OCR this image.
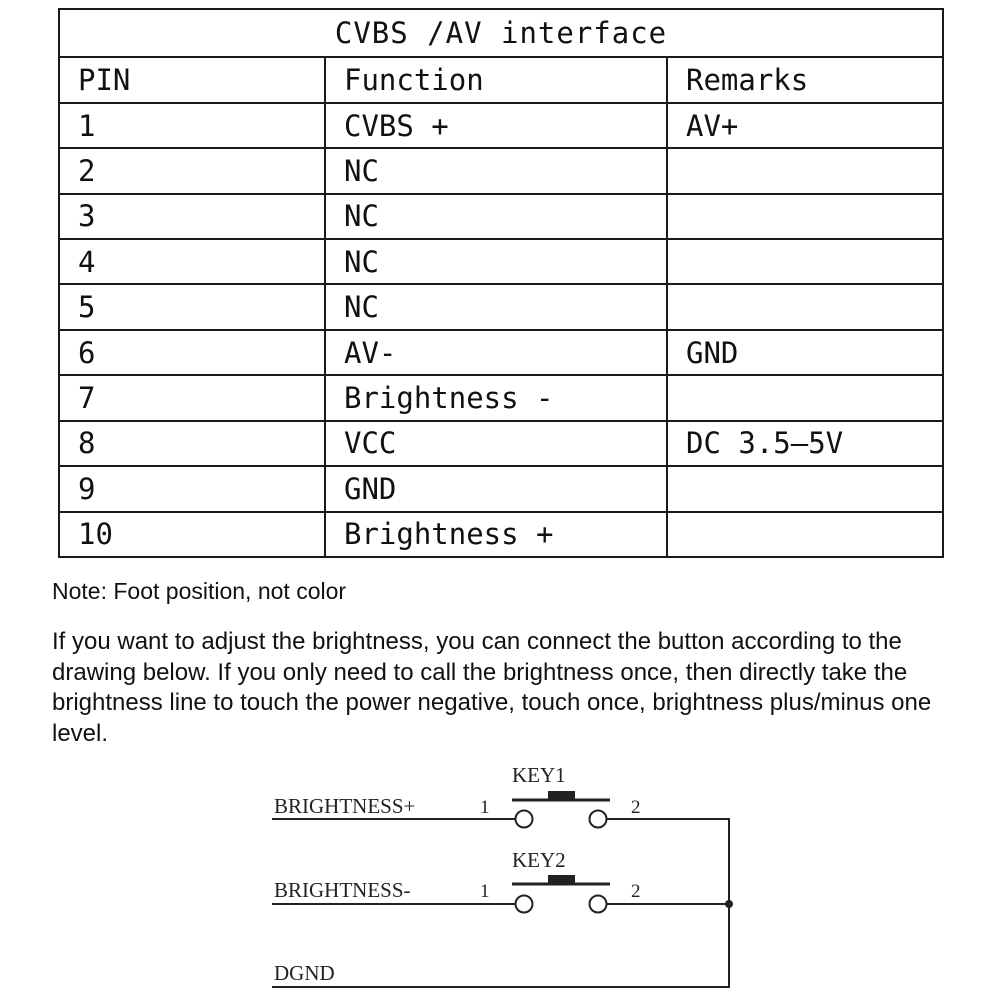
CVBS /AV interface		
PIN	Function	Remarks
1	CVBS +	AV+
2	NC	
3	NC	
4	NC	
5	NC	
6	AV-	GND
7	Brightness -	
8	VCC	DC 3.5—5V
9	GND	
10	Brightness +	
Note: Foot position, not color

If you want to adjust the brightness, you can connect the button according to the drawing below. If you only need to call the brightness once, then directly take the brightness line to touch the power negative, touch once, brightness plus/minus one level.

KEY1
BRIGHTNESS+	1	2
KEY2
BRIGHTNESS-	1	2
DGND
